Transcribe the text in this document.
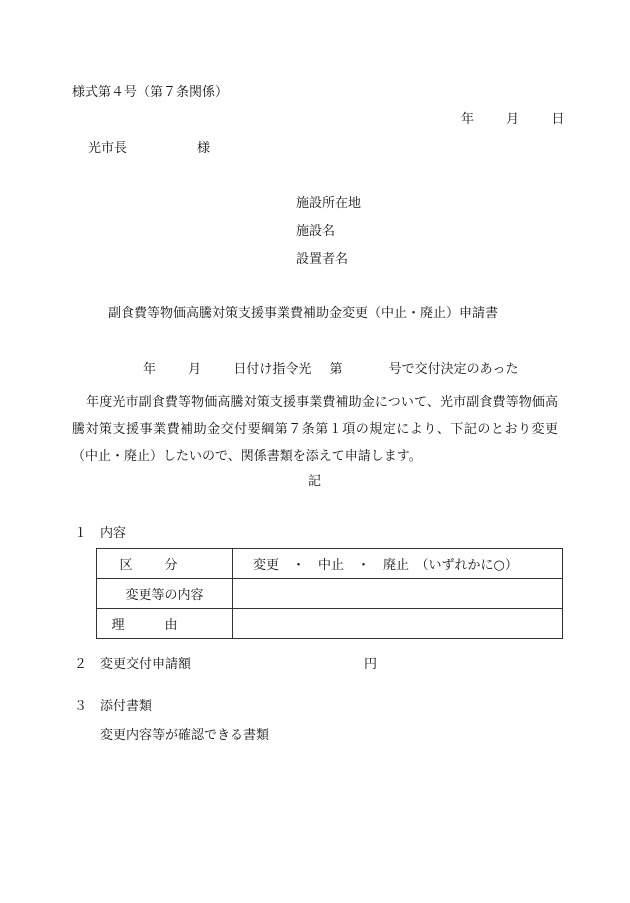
様式第４号（第７条関係）
年 月 日
光市長	様
施設所在地
施設名
設置者名
副食費等物価高騰対策支援事業費補助金変更（中止・廃止）申請書
年 月 日付け指令光 第	号で交付決定のあった
年度光市副食費等物価高騰対策支援事業費補助金について、光市副食費等物価高騰対策支援事業費補助金交付要綱第７条第１項の規定により、下記のとおり変更（中止・廃止）したいので、関係書類を添えて申請します。
記
１ 内容
区分	変更　・　中止　・　廃止　（いずれかに○）
変更等の内容	
理由	
２ 変更交付申請額	円
３ 添付書類
変更内容等が確認できる書類
